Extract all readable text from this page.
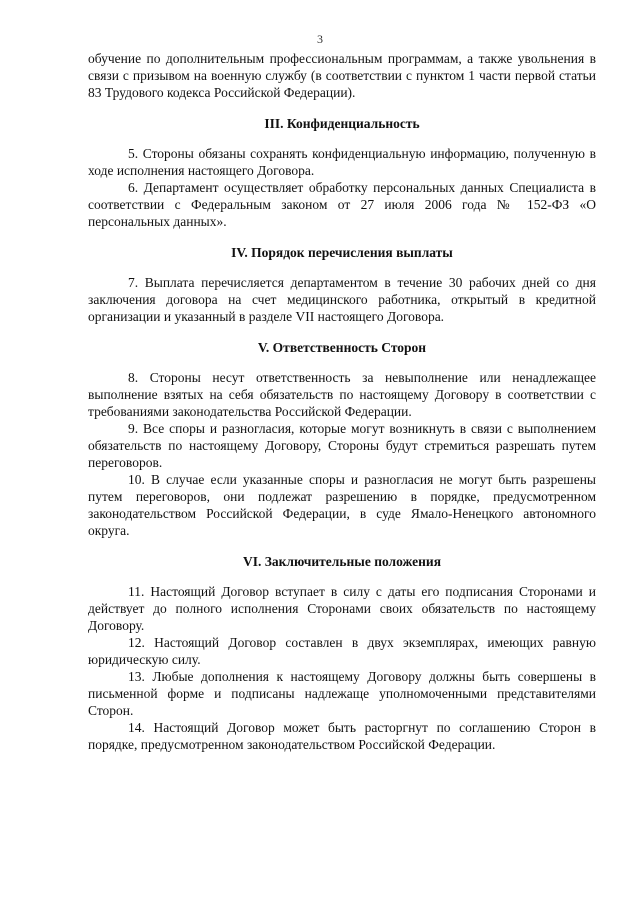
3

обучение по дополнительным профессиональным программам, а также увольнения в связи с призывом на военную службу (в соответствии с пунктом 1 части первой статьи 83 Трудового кодекса Российской Федерации).

III. Конфиденциальность

5. Стороны обязаны сохранять конфиденциальную информацию, полученную в ходе исполнения настоящего Договора.

6. Департамент осуществляет обработку персональных данных Специалиста в соответствии с Федеральным законом от 27 июля 2006 года № 152-ФЗ «О персональных данных».

IV. Порядок перечисления выплаты

7. Выплата перечисляется департаментом в течение 30 рабочих дней со дня заключения договора на счет медицинского работника, открытый в кредитной организации и указанный в разделе VII настоящего Договора.

V. Ответственность Сторон

8. Стороны несут ответственность за невыполнение или ненадлежащее выполнение взятых на себя обязательств по настоящему Договору в соответствии с требованиями законодательства Российской Федерации.

9. Все споры и разногласия, которые могут возникнуть в связи с выполнением обязательств по настоящему Договору, Стороны будут стремиться разрешать путем переговоров.

10. В случае если указанные споры и разногласия не могут быть разрешены путем переговоров, они подлежат разрешению в порядке, предусмотренном законодательством Российской Федерации, в суде Ямало-Ненецкого автономного округа.

VI. Заключительные положения

11. Настоящий Договор вступает в силу с даты его подписания Сторонами и действует до полного исполнения Сторонами своих обязательств по настоящему Договору.

12. Настоящий Договор составлен в двух экземплярах, имеющих равную юридическую силу.

13. Любые дополнения к настоящему Договору должны быть совершены в письменной форме и подписаны надлежаще уполномоченными представителями Сторон.

14. Настоящий Договор может быть расторгнут по соглашению Сторон в порядке, предусмотренном законодательством Российской Федерации.
